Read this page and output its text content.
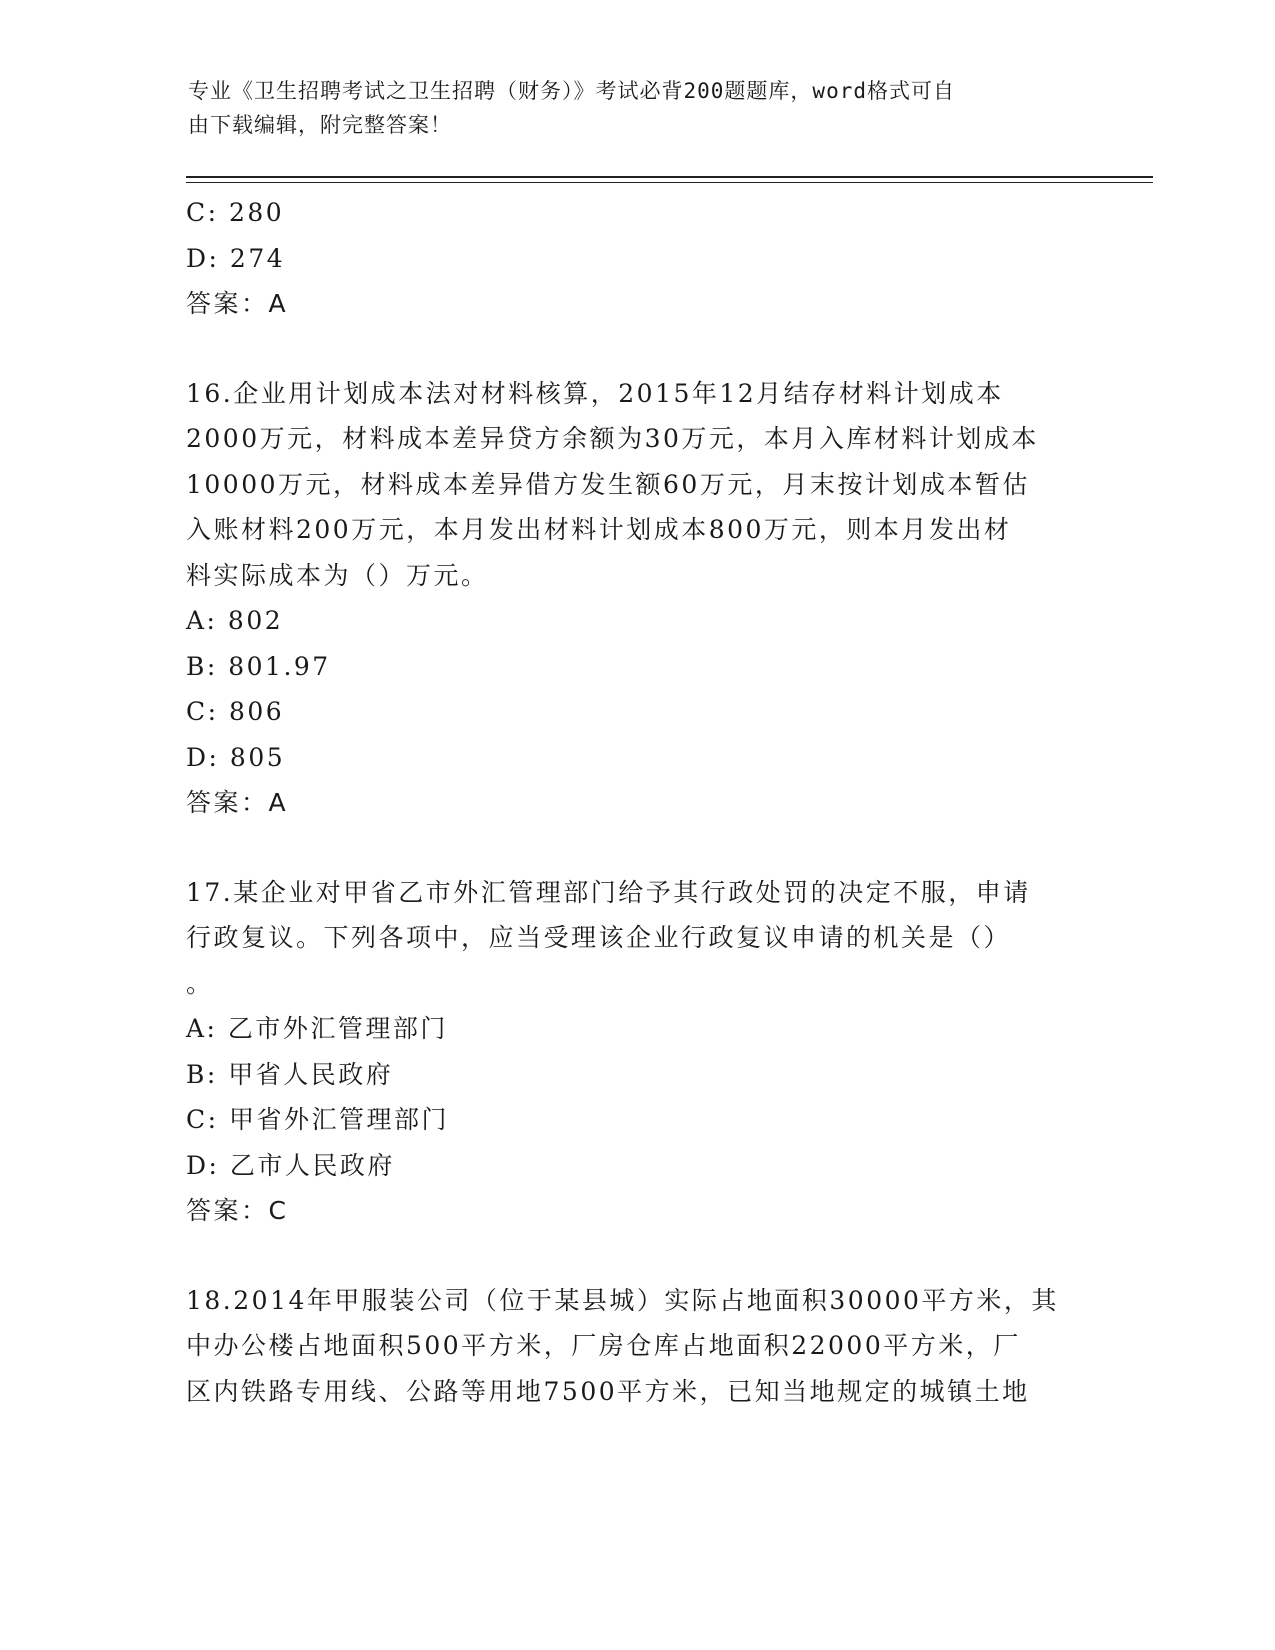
专业《卫生招聘考试之卫生招聘（财务）》考试必背200题题库，word格式可自
由下载编辑，附完整答案！
C: 280
D: 274
答案：A
16.企业用计划成本法对材料核算，2015年12月结存材料计划成本
2000万元，材料成本差异贷方余额为30万元，本月入库材料计划成本
10000万元，材料成本差异借方发生额60万元，月末按计划成本暂估
入账材料200万元，本月发出材料计划成本800万元，则本月发出材
料实际成本为（）万元。
A: 802
B: 801.97
C: 806
D: 805
答案：A
17.某企业对甲省乙市外汇管理部门给予其行政处罚的决定不服，申请
行政复议。下列各项中，应当受理该企业行政复议申请的机关是（）
。
A: 乙市外汇管理部门
B: 甲省人民政府
C: 甲省外汇管理部门
D: 乙市人民政府
答案：C
18.2014年甲服装公司（位于某县城）实际占地面积30000平方米，其
中办公楼占地面积500平方米，厂房仓库占地面积22000平方米，厂
区内铁路专用线、公路等用地7500平方米，已知当地规定的城镇土地
